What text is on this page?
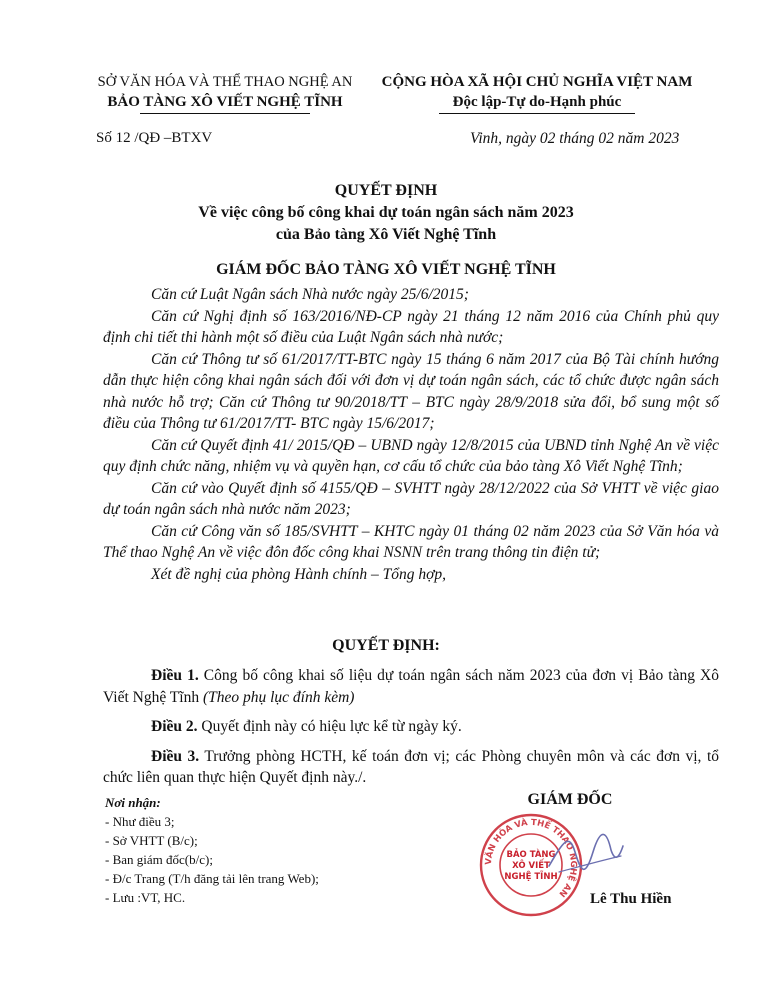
SỞ VĂN HÓA VÀ THỂ THAO NGHỆ AN
BẢO TÀNG XÔ VIẾT NGHỆ TĨNH
CỘNG HÒA XÃ HỘI CHỦ NGHĨA VIỆT NAM
Độc lập-Tự do-Hạnh phúc
Số 12 /QĐ –BTXV	Vinh, ngày 02 tháng 02 năm 2023
QUYẾT ĐỊNH
Về việc công bố công khai dự toán ngân sách năm 2023
của Bảo tàng Xô Viết Nghệ Tĩnh
GIÁM ĐỐC BẢO TÀNG XÔ VIẾT NGHỆ TĨNH

Căn cứ Luật Ngân sách Nhà nước ngày 25/6/2015;

Căn cứ Nghị định số 163/2016/NĐ-CP ngày 21 tháng 12 năm 2016 của Chính phủ quy định chi tiết thi hành một số điều của Luật Ngân sách nhà nước;

Căn cứ Thông tư số 61/2017/TT-BTC ngày 15 tháng 6 năm 2017 của Bộ Tài chính hướng dẫn thực hiện công khai ngân sách đối với đơn vị dự toán ngân sách, các tổ chức được ngân sách nhà nước hỗ trợ; Căn cứ Thông tư 90/2018/TT – BTC ngày 28/9/2018 sửa đổi, bổ sung một số điều của Thông tư 61/2017/TT- BTC ngày 15/6/2017;

Căn cứ Quyết định 41/ 2015/QĐ – UBND ngày 12/8/2015 của UBND tỉnh Nghệ An về việc quy định chức năng, nhiệm vụ và quyền hạn, cơ cấu tổ chức của bảo tàng Xô Viết Nghệ Tĩnh;

Căn cứ vào Quyết định số 4155/QĐ – SVHTT ngày 28/12/2022 của Sở VHTT về việc giao dự toán ngân sách nhà nước năm 2023;

Căn cứ Công văn số 185/SVHTT – KHTC ngày 01 tháng 02 năm 2023 của Sở Văn hóa và Thể thao Nghệ An về việc đôn đốc công khai NSNN trên trang thông tin điện tử;

Xét đề nghị của phòng Hành chính – Tổng hợp,

QUYẾT ĐỊNH:

Điều 1. Công bố công khai số liệu dự toán ngân sách năm 2023 của đơn vị Bảo tàng Xô Viết Nghệ Tĩnh (Theo phụ lục đính kèm)

Điều 2. Quyết định này có hiệu lực kể từ ngày ký.

Điều 3. Trưởng phòng HCTH, kế toán đơn vị; các Phòng chuyên môn và các đơn vị, tổ chức liên quan thực hiện Quyết định này./.

Nơi nhận:
- Như điều 3;
- Sở VHTT (B/c);
- Ban giám đốc(b/c);
- Đ/c Trang (T/h đăng tải lên trang Web);
- Lưu :VT, HC.
GIÁM ĐỐC
VĂN HÓA VÀ THỂ THAO NGHỆ AN
BẢO TÀNG
XÔ VIẾT
NGHỆ TĨNH
Lê Thu Hiền
